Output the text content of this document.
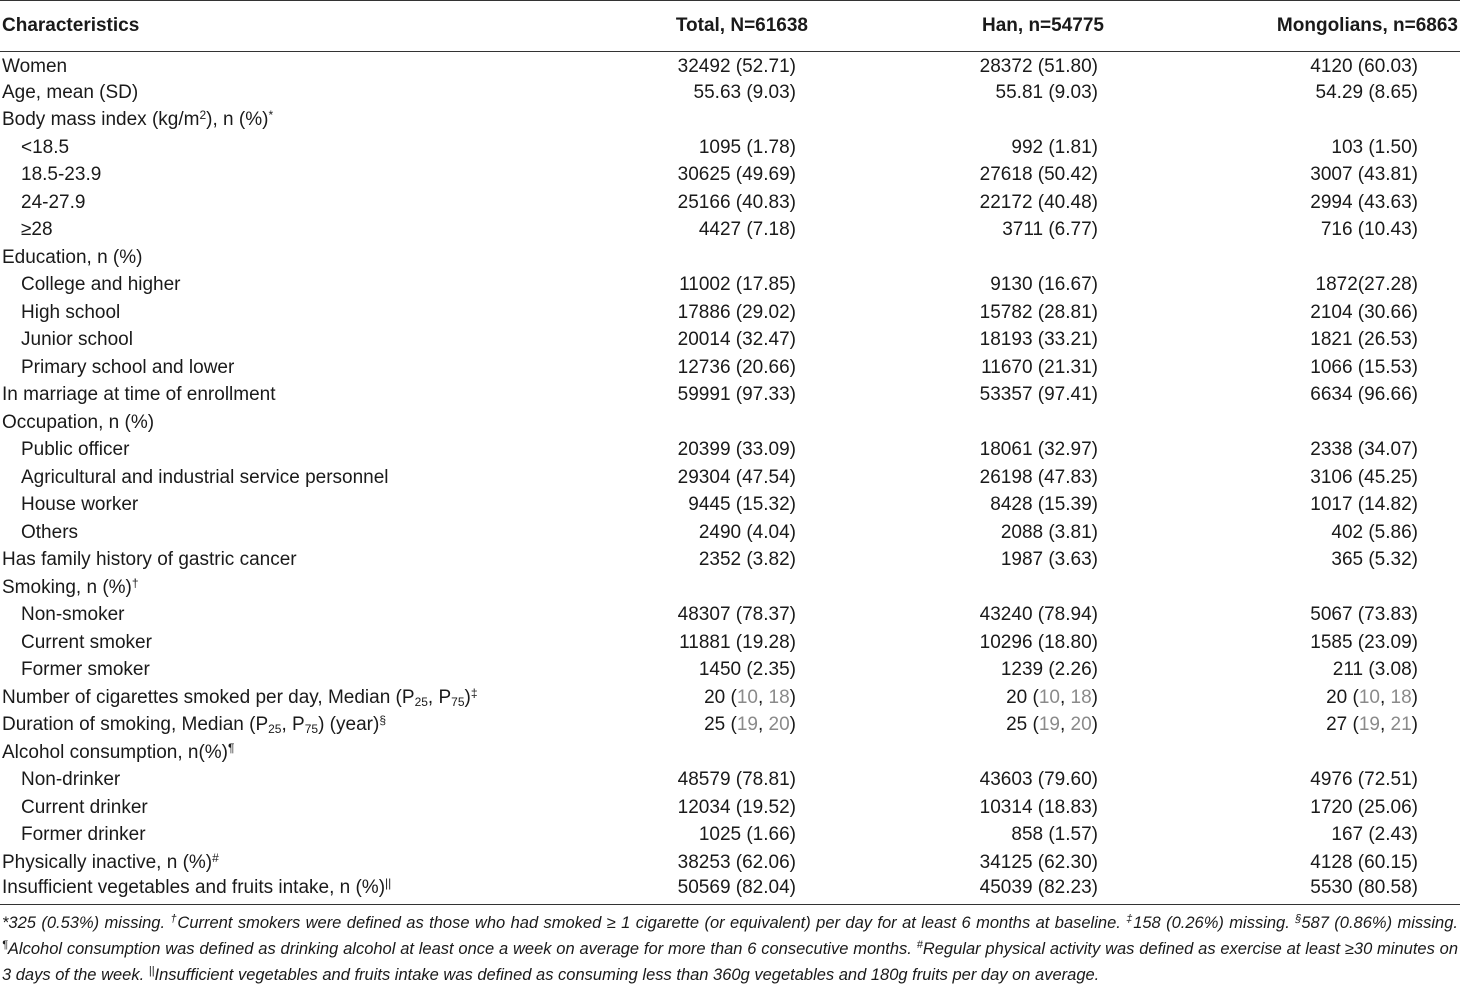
Characteristics	Total, N=61638	Han, n=54775	Mongolians, n=6863
Women	32492 (52.71)	28372 (51.80)	4120 (60.03)
Age, mean (SD)	55.63 (9.03)	55.81 (9.03)	54.29 (8.65)
Body mass index $(kg/m^2)$, n (%)*			
<18.5	1095 (1.78)	992 (1.81)	103 (1.50)
18.5-23.9	30625 (49.69)	27618 (50.42)	3007 (43.81)
24-27.9	25166 (40.83)	22172 (40.48)	2994 (43.63)
≥28	4427 (7.18)	3711 (6.77)	716 (10.43)
Education, n (%)			
College and higher	11002 (17.85)	9130 (16.67)	1872(27.28)
High school	17886 (29.02)	15782 (28.81)	2104 (30.66)
Junior school	20014 (32.47)	18193 (33.21)	1821 (26.53)
Primary school and lower	12736 (20.66)	11670 (21.31)	1066 (15.53)
In marriage at time of enrollment	59991 (97.33)	53357 (97.41)	6634 (96.66)
Occupation, n (%)			
Public officer	20399 (33.09)	18061 (32.97)	2338 (34.07)
Agricultural and industrial service personnel	29304 (47.54)	26198 (47.83)	3106 (45.25)
House worker	9445 (15.32)	8428 (15.39)	1017 (14.82)
Others	2490 (4.04)	2088 (3.81)	402 (5.86)
Has family history of gastric cancer	2352 (3.82)	1987 (3.63)	365 (5.32)
Smoking, n (%)†			
Non-smoker	48307 (78.37)	43240 (78.94)	5067 (73.83)
Current smoker	11881 (19.28)	10296 (18.80)	1585 (23.09)
Former smoker	1450 (2.35)	1239 (2.26)	211 (3.08)
Number of cigarettes smoked per day, Median ($P_{25}$, $P_{75})^\ddagger$	20 (10, 18)	20 (10, 18)	20 (10, 18)
Duration of smoking, Median ($P_{25}$, $P_{75}$) (year)§	25 (19, 20)	25 (19, 20)	27 (19, 21)
Alcohol consumption, n(%)¶			
Non-drinker	48579 (78.81)	43603 (79.60)	4976 (72.51)
Current drinker	12034 (19.52)	10314 (18.83)	1720 (25.06)
Former drinker	1025 (1.66)	858 (1.57)	167 (2.43)
Physically inactive, n (%)#	38253 (62.06)	34125 (62.30)	4128 (60.15)
Insufficient vegetables and fruits intake, n (%)||	50569 (82.04)	45039 (82.23)	5530 (80.58)
*325 (0.53%) missing. †Current smokers were defined as those who had smoked ≥ 1 cigarette (or equivalent) per day for at least 6 months at baseline. ‡158 (0.26%) missing. §587 (0.86%) missing. ¶Alcohol consumption was defined as drinking alcohol at least once a week on average for more than 6 consecutive months. #Regular physical activity was defined as exercise at least ≥30 minutes on 3 days of the week. ||Insufficient vegetables and fruits intake was defined as consuming less than 360g vegetables and 180g fruits per day on average.
